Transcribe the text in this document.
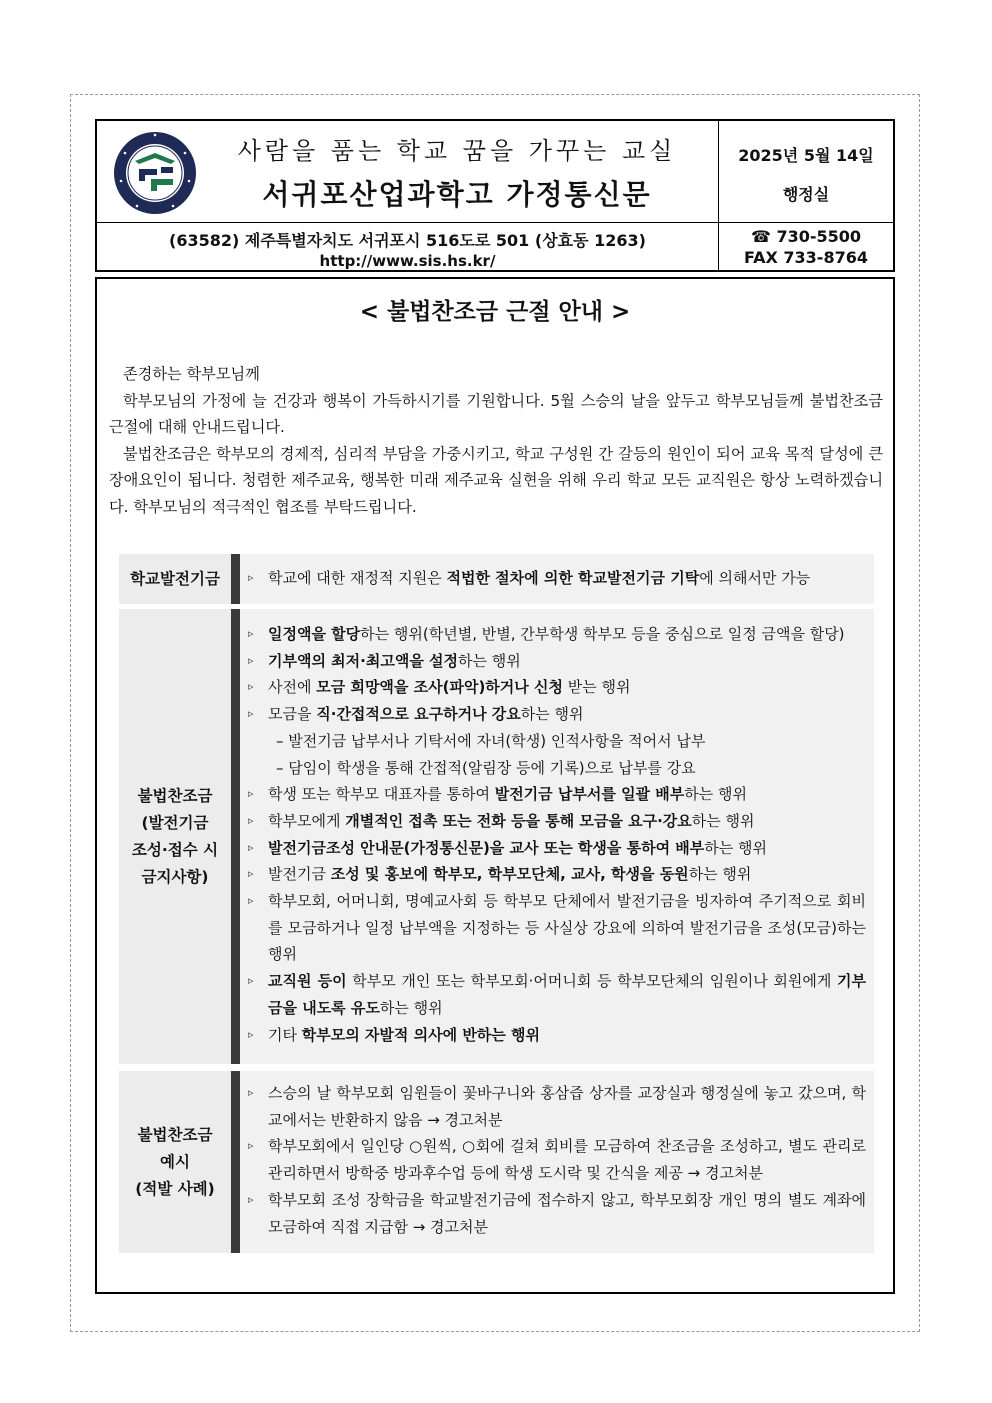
사람을 품는 학교 꿈을 가꾸는 교실
서귀포산업과학고 가정통신문
(63582) 제주특별자치도 서귀포시 516도로 501 (상효동 1263)
http://www.sis.hs.kr/
2025년 5월 14일
행정실
☎ 730-5500
FAX 733-8764
< 불법찬조금 근절 안내 >

존경하는 학부모님께

학부모님의 가정에 늘 건강과 행복이 가득하시기를 기원합니다. 5월 스승의 날을 앞두고 학부모님들께 불법찬조금 근절에 대해 안내드립니다.

불법찬조금은 학부모의 경제적, 심리적 부담을 가중시키고, 학교 구성원 간 갈등의 원인이 되어 교육 목적 달성에 큰 장애요인이 됩니다. 청렴한 제주교육, 행복한 미래 제주교육 실현을 위해 우리 학교 모든 교직원은 항상 노력하겠습니다. 학부모님의 적극적인 협조를 부탁드립니다.

학교발전기금	▹ 학교에 대한 재정적 지원은 적법한 절차에 의한 학교발전기금 기탁에 의해서만 가능
불법찬조금
(발전기금
조성·접수 시
금지사항)
▹ 일정액을 할당하는 행위(학년별, 반별, 간부학생 학부모 등을 중심으로 일정 금액을 할당)
▹ 기부액의 최저·최고액을 설정하는 행위
▹ 사전에 모금 희망액을 조사(파악)하거나 신청 받는 행위
▹ 모금을 직·간접적으로 요구하거나 강요하는 행위
– 발전기금 납부서나 기탁서에 자녀(학생) 인적사항을 적어서 납부
– 담임이 학생을 통해 간접적(알림장 등에 기록)으로 납부를 강요
▹ 학생 또는 학부모 대표자를 통하여 발전기금 납부서를 일괄 배부하는 행위
▹ 학부모에게 개별적인 접촉 또는 전화 등을 통해 모금을 요구·강요하는 행위
▹ 발전기금조성 안내문(가정통신문)을 교사 또는 학생을 통하여 배부하는 행위
▹ 발전기금 조성 및 홍보에 학부모, 학부모단체, 교사, 학생을 동원하는 행위
▹ 학부모회, 어머니회, 명예교사회 등 학부모 단체에서 발전기금을 빙자하여 주기적으로 회비를 모금하거나 일정 납부액을 지정하는 등 사실상 강요에 의하여 발전기금을 조성(모금)하는 행위
▹ 교직원 등이 학부모 개인 또는 학부모회·어머니회 등 학부모단체의 임원이나 회원에게 기부금을 내도록 유도하는 행위
▹ 기타 학부모의 자발적 의사에 반하는 행위
불법찬조금
예시
(적발 사례)
▹ 스승의 날 학부모회 임원들이 꽃바구니와 홍삼즙 상자를 교장실과 행정실에 놓고 갔으며, 학교에서는 반환하지 않음 → 경고처분
▹ 학부모회에서 일인당 ○원씩, ○회에 걸쳐 회비를 모금하여 찬조금을 조성하고, 별도 관리로 관리하면서 방학중 방과후수업 등에 학생 도시락 및 간식을 제공 → 경고처분
▹ 학부모회 조성 장학금을 학교발전기금에 접수하지 않고, 학부모회장 개인 명의 별도 계좌에 모금하여 직접 지급함 → 경고처분
